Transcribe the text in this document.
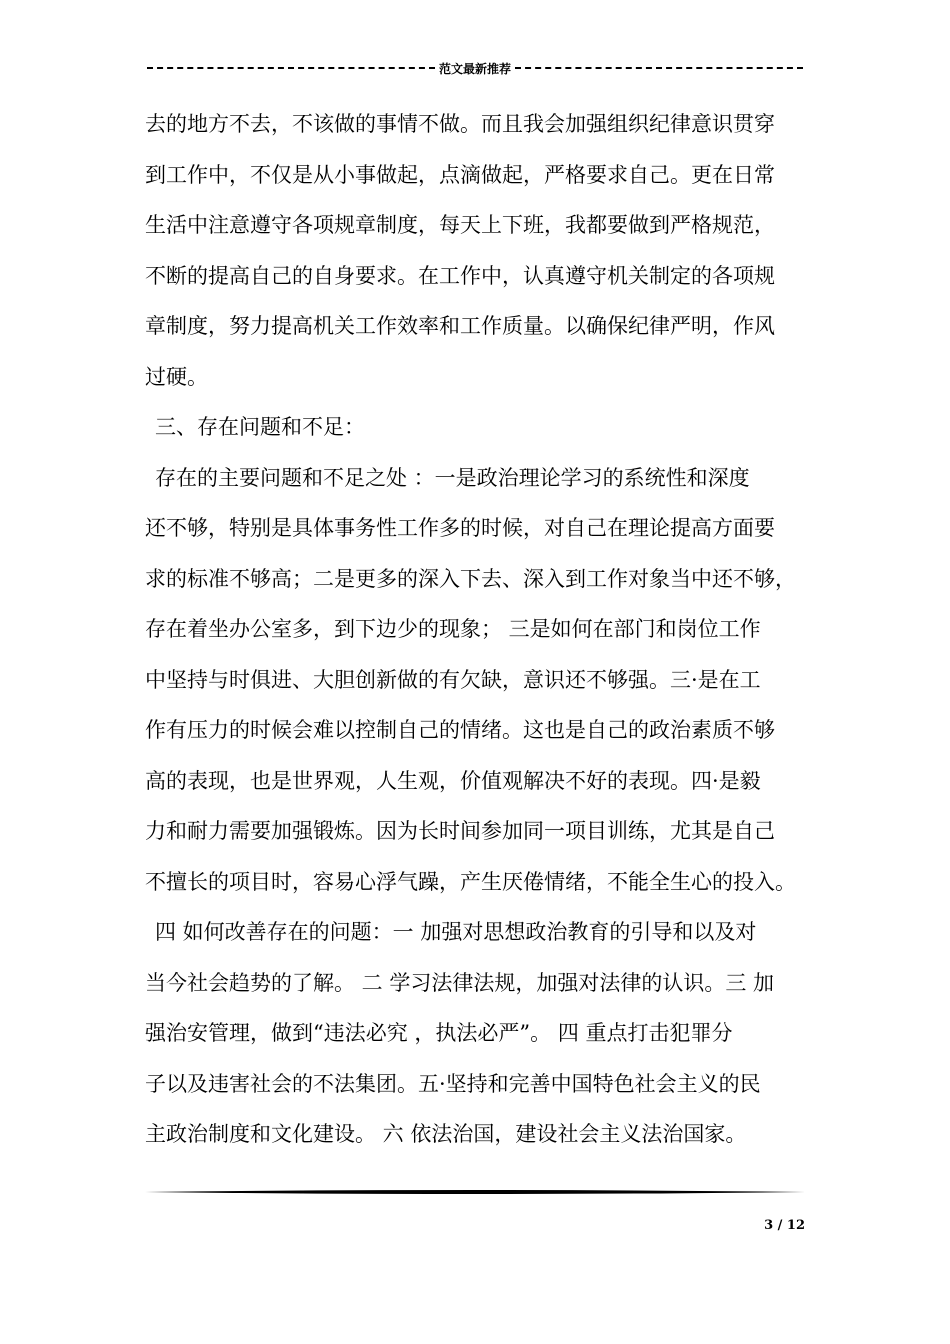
范文最新推荐
去的地方不去，不该做的事情不做。而且我会加强组织纪律意识贯穿
到工作中，不仅是从小事做起，点滴做起，严格要求自己。更在日常
生活中注意遵守各项规章制度，每天上下班，我都要做到严格规范，
不断的提高自己的自身要求。在工作中，认真遵守机关制定的各项规
章制度，努力提高机关工作效率和工作质量。以确保纪律严明，作风
过硬。
三、存在问题和不足：
存在的主要问题和不足之处 ：一是政治理论学习的系统性和深度
还不够，特别是具体事务性工作多的时候，对自己在理论提高方面要
求的标准不够高；二是更多的深入下去、深入到工作对象当中还不够，
存在着坐办公室多，到下边少的现象； 三是如何在部门和岗位工作
中坚持与时俱进、大胆创新做的有欠缺，意识还不够强。三·是在工
作有压力的时候会难以控制自己的情绪。这也是自己的政治素质不够
高的表现，也是世界观，人生观，价值观解决不好的表现。四·是毅
力和耐力需要加强锻炼。因为长时间参加同一项目训练，尤其是自己
不擅长的项目时，容易心浮气躁，产生厌倦情绪，不能全生心的投入。
四 如何改善存在的问题：一 加强对思想政治教育的引导和以及对
当今社会趋势的了解。 二 学习法律法规，加强对法律的认识。三 加
强治安管理，做到“违法必究 ，执法必严”。 四 重点打击犯罪分
子以及违害社会的不法集团。五·坚持和完善中国特色社会主义的民
主政治制度和文化建设。 六 依法治国，建设社会主义法治国家。
3 / 12
